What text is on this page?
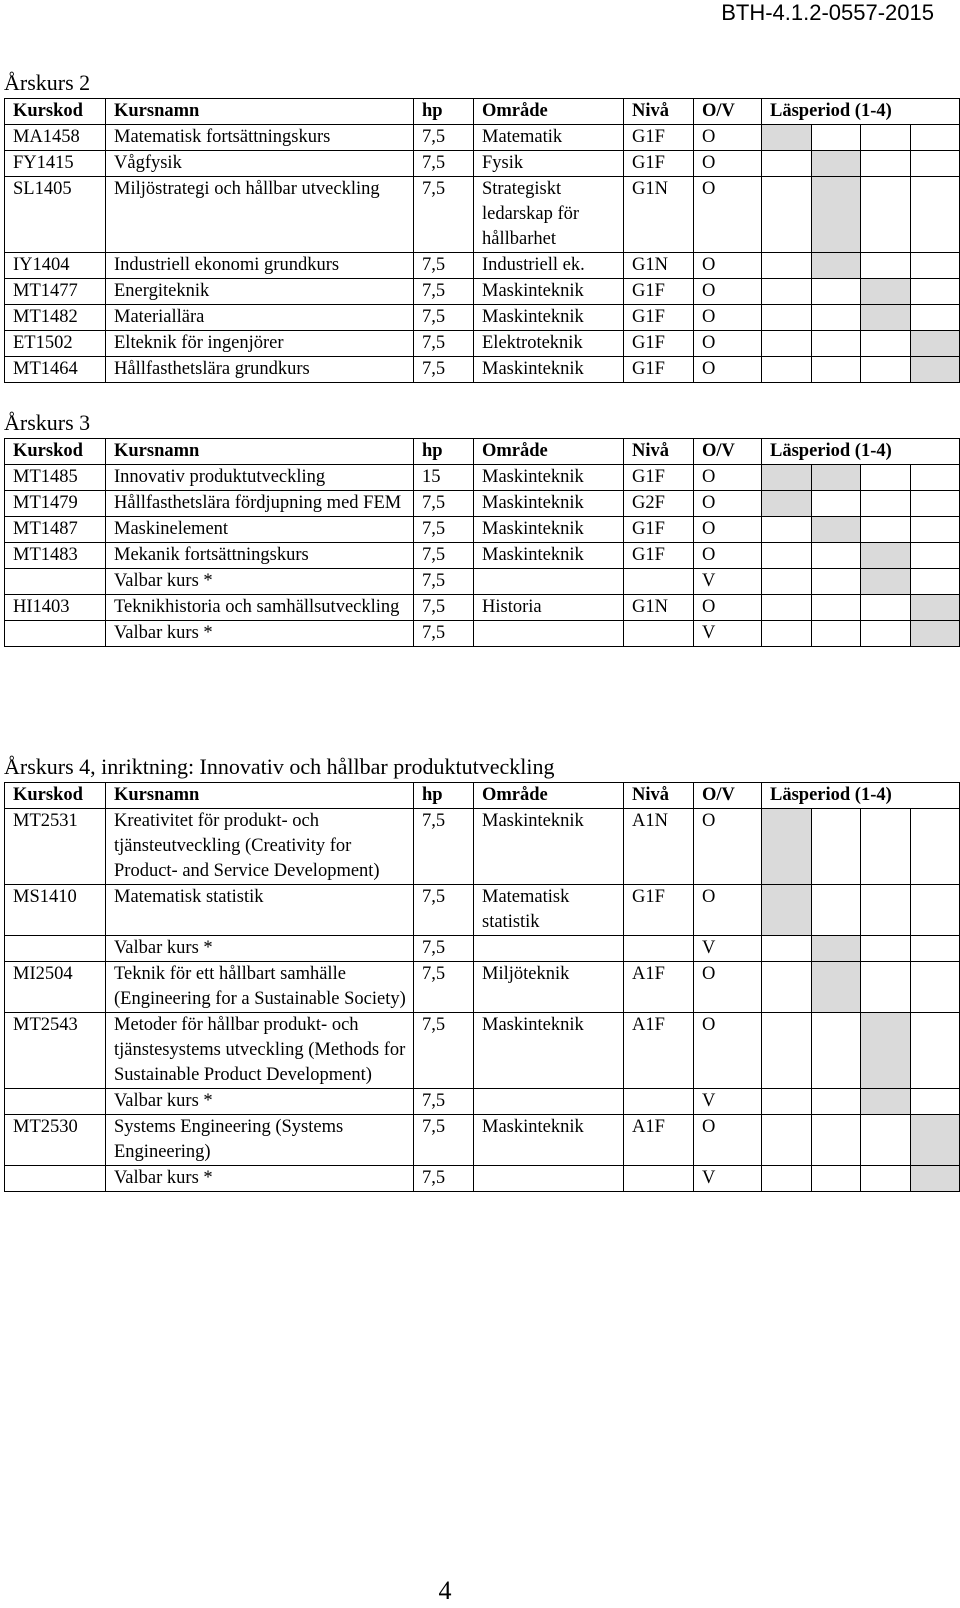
BTH-4.1.2-0557-2015
Årskurs 2
Kurskod	Kursnamn	hp	Område	Nivå	O/V	Läsperiod (1-4)			
MA1458	Matematisk fortsättningskurs	7,5	Matematik	G1F	O				
FY1415	Vågfysik	7,5	Fysik	G1F	O				
SL1405	Miljöstrategi och hållbar utveckling	7,5	Strategiskt ledarskap för hållbarhet	G1N	O				
IY1404	Industriell ekonomi grundkurs	7,5	Industriell ek.	G1N	O				
MT1477	Energiteknik	7,5	Maskinteknik	G1F	O				
MT1482	Materiallära	7,5	Maskinteknik	G1F	O				
ET1502	Elteknik för ingenjörer	7,5	Elektroteknik	G1F	O				
MT1464	Hållfasthetslära grundkurs	7,5	Maskinteknik	G1F	O				
Årskurs 3
Kurskod	Kursnamn	hp	Område	Nivå	O/V	Läsperiod (1-4)			
MT1485	Innovativ produktutveckling	15	Maskinteknik	G1F	O				
MT1479	Hållfasthetslära fördjupning med FEM	7,5	Maskinteknik	G2F	O				
MT1487	Maskinelement	7,5	Maskinteknik	G1F	O				
MT1483	Mekanik fortsättningskurs	7,5	Maskinteknik	G1F	O				
	Valbar kurs *	7,5			V				
HI1403	Teknikhistoria och samhällsutveckling	7,5	Historia	G1N	O				
	Valbar kurs *	7,5			V				
Årskurs 4, inriktning: Innovativ och hållbar produktutveckling
Kurskod	Kursnamn	hp	Område	Nivå	O/V	Läsperiod (1-4)			
MT2531	Kreativitet för produkt- och tjänsteutveckling (Creativity for Product- and Service Development)	7,5	Maskinteknik	A1N	O				
MS1410	Matematisk statistik	7,5	Matematisk statistik	G1F	O				
	Valbar kurs *	7,5			V				
MI2504	Teknik för ett hållbart samhälle (Engineering for a Sustainable Society)	7,5	Miljöteknik	A1F	O				
MT2543	Metoder för hållbar produkt- och tjänstesystems utveckling (Methods for Sustainable Product Development)	7,5	Maskinteknik	A1F	O				
	Valbar kurs *	7,5			V				
MT2530	Systems Engineering (Systems Engineering)	7,5	Maskinteknik	A1F	O				
	Valbar kurs *	7,5			V				
4
